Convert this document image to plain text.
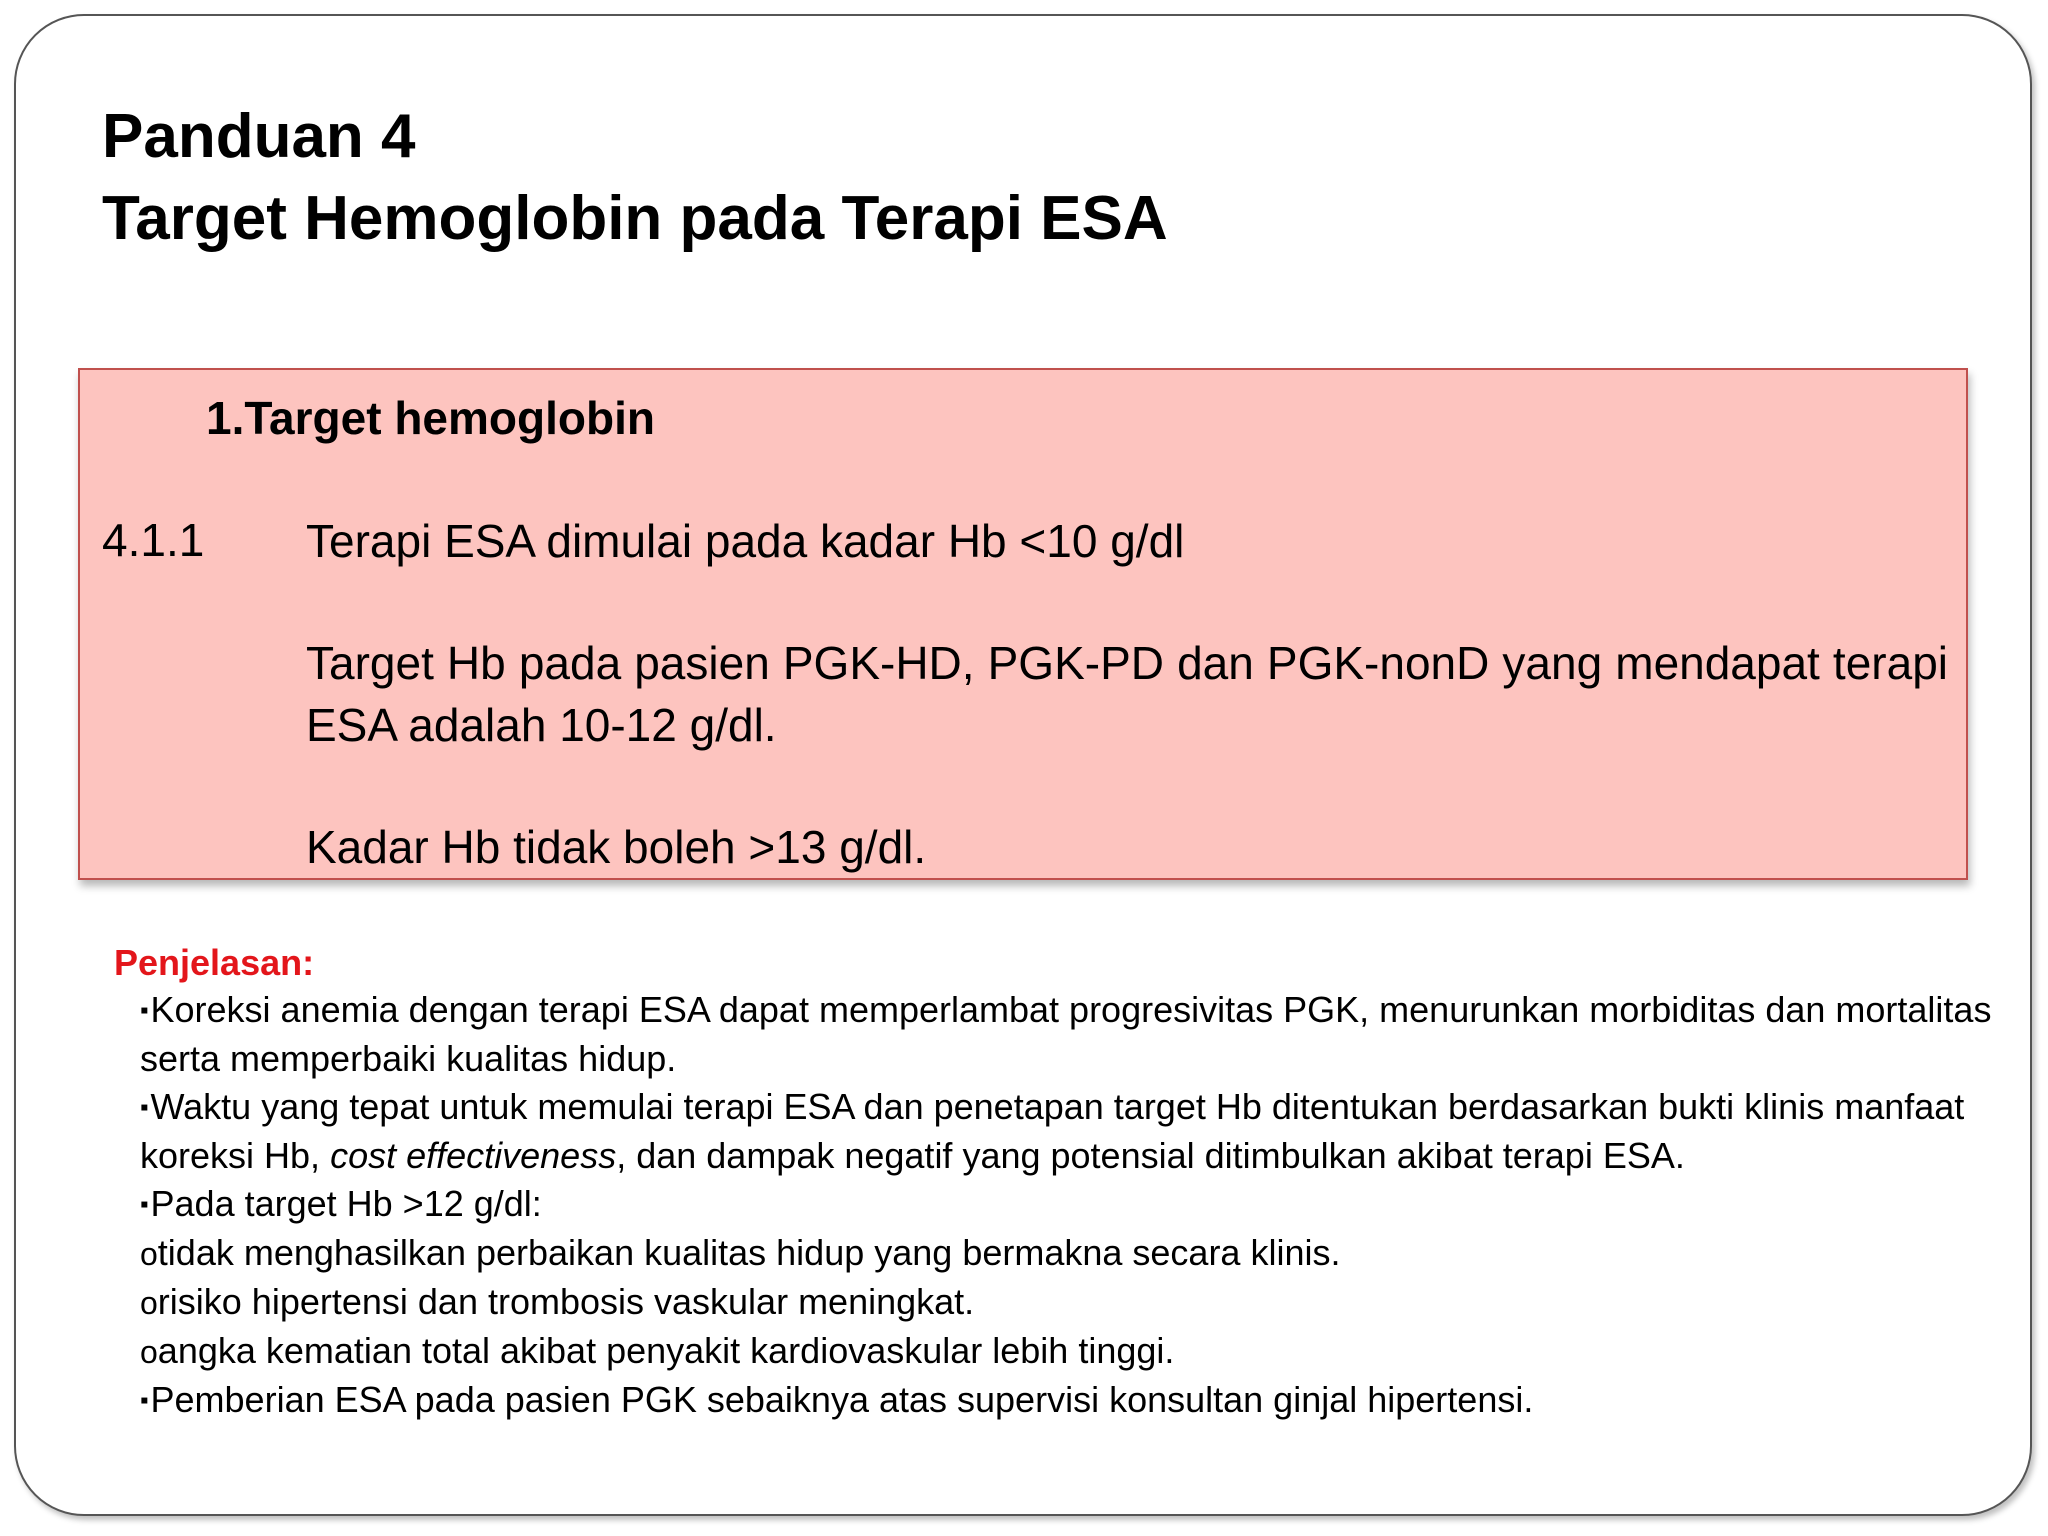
Panduan 4
Target Hemoglobin pada Terapi ESA
1.Target hemoglobin
4.1.1 Terapi ESA dimulai pada kadar Hb <10 g/dl
Target Hb pada pasien PGK-HD, PGK-PD dan PGK-nonD yang mendapat terapi ESA adalah 10-12 g/dl.
Kadar Hb tidak boleh >13 g/dl.
Penjelasan:
▪Koreksi anemia dengan terapi ESA dapat memperlambat progresivitas PGK, menurunkan morbiditas dan mortalitas serta memperbaiki kualitas hidup.
▪Waktu yang tepat untuk memulai terapi ESA dan penetapan target Hb ditentukan berdasarkan bukti klinis manfaat koreksi Hb, cost effectiveness, dan dampak negatif yang potensial ditimbulkan akibat terapi ESA.
▪Pada target Hb >12 g/dl:
otidak menghasilkan perbaikan kualitas hidup yang bermakna secara klinis.
orisiko hipertensi dan trombosis vaskular meningkat.
oangka kematian total akibat penyakit kardiovaskular lebih tinggi.
▪Pemberian ESA pada pasien PGK sebaiknya atas supervisi konsultan ginjal hipertensi.
